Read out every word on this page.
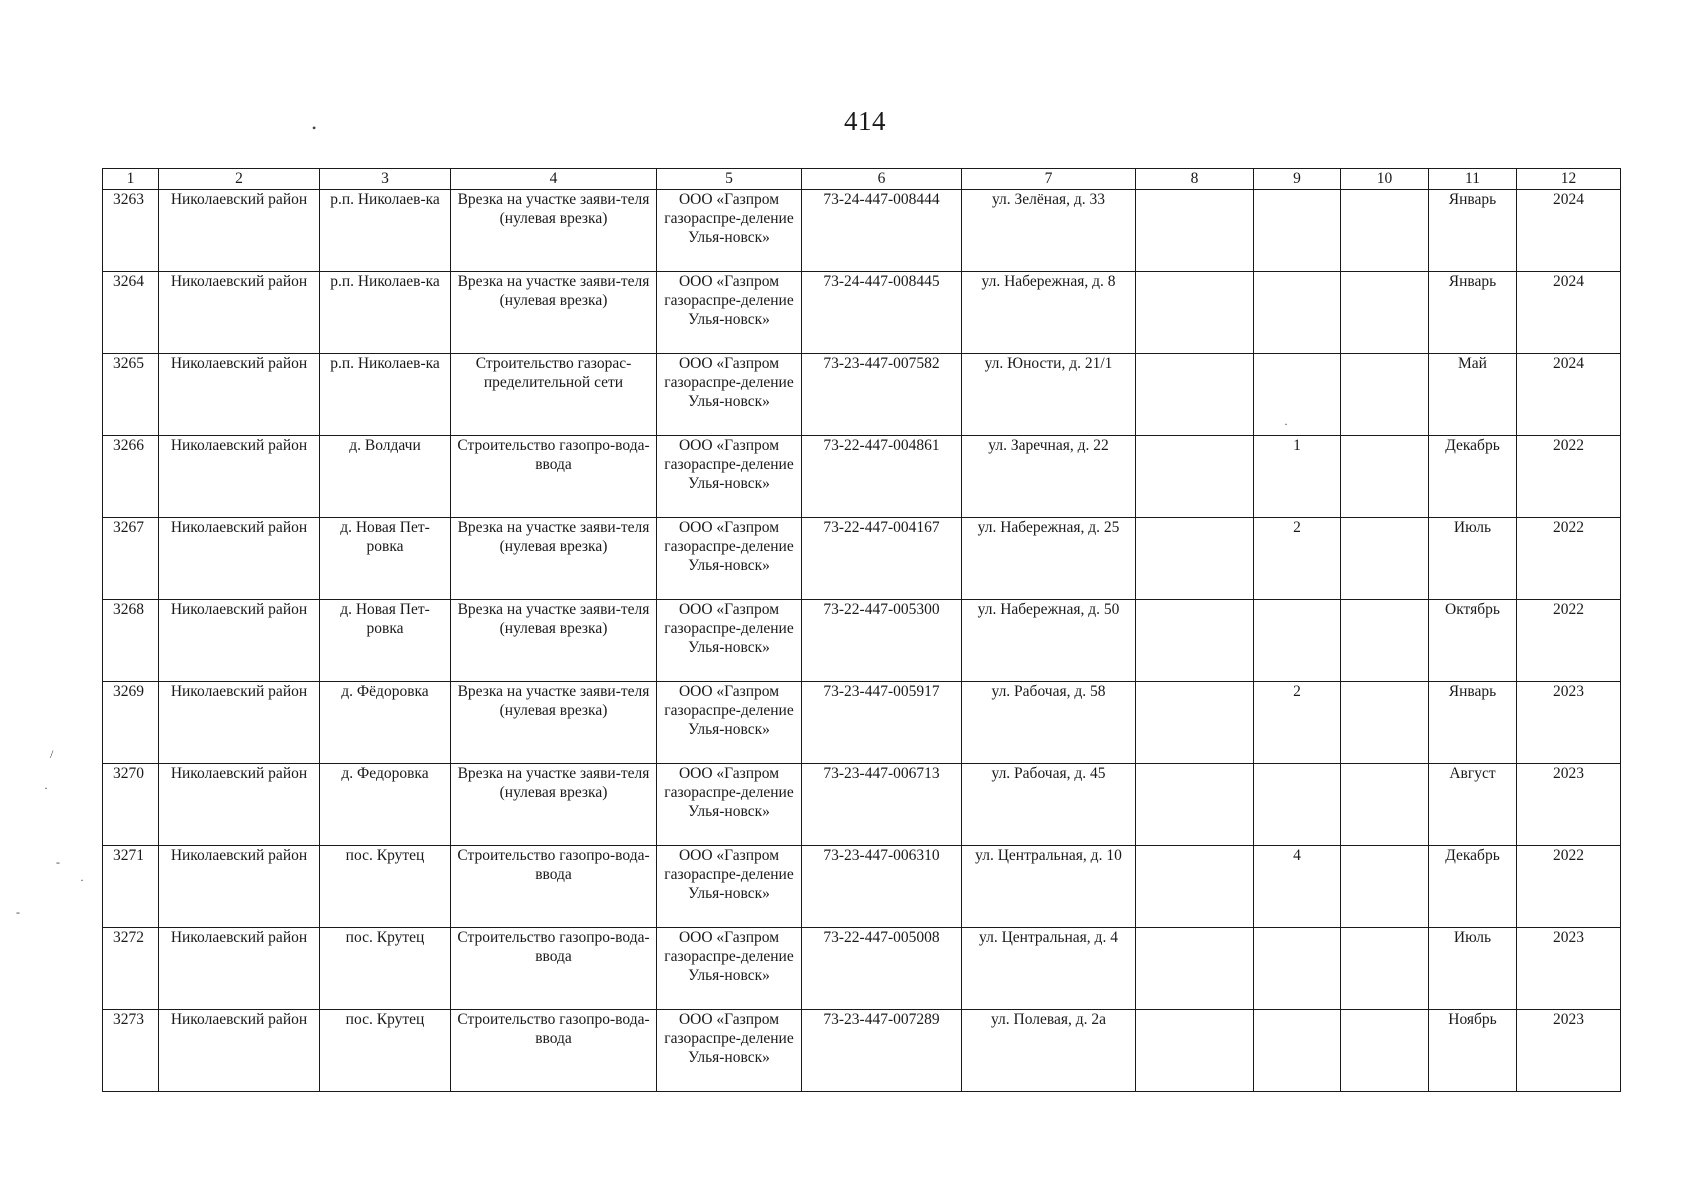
414
•
/
·
-
·
-
·
1	2	3	4	5	6	7	8	9	10	11	12
3263	Николаевский район	р.п. Николаев-ка	Врезка на участке заяви-теля (нулевая врезка)	ООО «Газпром газораспре-деление Улья-новск»	73-24-447-008444	ул. Зелёная, д. 33				Январь	2024
3264	Николаевский район	р.п. Николаев-ка	Врезка на участке заяви-теля (нулевая врезка)	ООО «Газпром газораспре-деление Улья-новск»	73-24-447-008445	ул. Набережная, д. 8				Январь	2024
3265	Николаевский район	р.п. Николаев-ка	Строительство газорас-пределительной сети	ООО «Газпром газораспре-деление Улья-новск»	73-23-447-007582	ул. Юности, д. 21/1				Май	2024
3266	Николаевский район	д. Волдачи	Строительство газопро-вода-ввода	ООО «Газпром газораспре-деление Улья-новск»	73-22-447-004861	ул. Заречная, д. 22		1		Декабрь	2022
3267	Николаевский район	д. Новая Пет-ровка	Врезка на участке заяви-теля (нулевая врезка)	ООО «Газпром газораспре-деление Улья-новск»	73-22-447-004167	ул. Набережная, д. 25		2		Июль	2022
3268	Николаевский район	д. Новая Пет-ровка	Врезка на участке заяви-теля (нулевая врезка)	ООО «Газпром газораспре-деление Улья-новск»	73-22-447-005300	ул. Набережная, д. 50				Октябрь	2022
3269	Николаевский район	д. Фёдоровка	Врезка на участке заяви-теля (нулевая врезка)	ООО «Газпром газораспре-деление Улья-новск»	73-23-447-005917	ул. Рабочая, д. 58		2		Январь	2023
3270	Николаевский район	д. Федоровка	Врезка на участке заяви-теля (нулевая врезка)	ООО «Газпром газораспре-деление Улья-новск»	73-23-447-006713	ул. Рабочая, д. 45				Август	2023
3271	Николаевский район	пос. Крутец	Строительство газопро-вода-ввода	ООО «Газпром газораспре-деление Улья-новск»	73-23-447-006310	ул. Центральная, д. 10		4		Декабрь	2022
3272	Николаевский район	пос. Крутец	Строительство газопро-вода-ввода	ООО «Газпром газораспре-деление Улья-новск»	73-22-447-005008	ул. Центральная, д. 4				Июль	2023
3273	Николаевский район	пос. Крутец	Строительство газопро-вода-ввода	ООО «Газпром газораспре-деление Улья-новск»	73-23-447-007289	ул. Полевая, д. 2а				Ноябрь	2023
